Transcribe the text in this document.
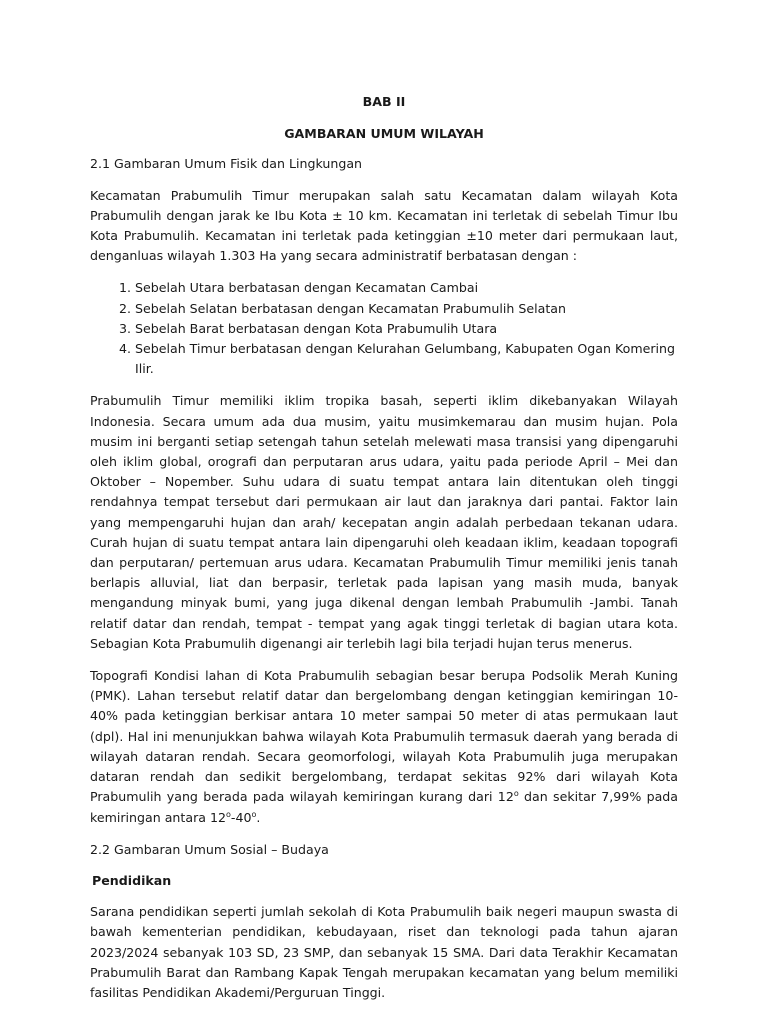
BAB II
GAMBARAN UMUM WILAYAH
2.1 Gambaran Umum Fisik dan Lingkungan

Kecamatan Prabumulih Timur merupakan salah satu Kecamatan dalam wilayah Kota Prabumulih dengan jarak ke Ibu Kota ± 10 km. Kecamatan ini terletak di sebelah Timur Ibu Kota Prabumulih. Kecamatan ini terletak pada ketinggian ±10 meter dari permukaan laut, denganluas wilayah 1.303 Ha yang secara administratif berbatasan dengan :

1. Sebelah Utara berbatasan dengan Kecamatan Cambai
2. Sebelah Selatan berbatasan dengan Kecamatan Prabumulih Selatan
3. Sebelah Barat berbatasan dengan Kota Prabumulih Utara
4. Sebelah Timur berbatasan dengan Kelurahan Gelumbang, Kabupaten Ogan Komering Ilir.

Prabumulih Timur memiliki iklim tropika basah, seperti iklim dikebanyakan Wilayah Indonesia. Secara umum ada dua musim, yaitu musimkemarau dan musim hujan. Pola musim ini berganti setiap setengah tahun setelah melewati masa transisi yang dipengaruhi oleh iklim global, orografi dan perputaran arus udara, yaitu pada periode April – Mei dan Oktober – Nopember. Suhu udara di suatu tempat antara lain ditentukan oleh tinggi rendahnya tempat tersebut dari permukaan air laut dan jaraknya dari pantai. Faktor lain yang mempengaruhi hujan dan arah/ kecepatan angin adalah perbedaan tekanan udara. Curah hujan di suatu tempat antara lain dipengaruhi oleh keadaan iklim, keadaan topografi dan perputaran/ pertemuan arus udara. Kecamatan Prabumulih Timur memiliki jenis tanah berlapis alluvial, liat dan berpasir, terletak pada lapisan yang masih muda, banyak mengandung minyak bumi, yang juga dikenal dengan lembah Prabumulih -Jambi. Tanah relatif datar dan rendah, tempat - tempat yang agak tinggi terletak di bagian utara kota. Sebagian Kota Prabumulih digenangi air terlebih lagi bila terjadi hujan terus menerus.

Topografi Kondisi lahan di Kota Prabumulih sebagian besar berupa Podsolik Merah Kuning (PMK). Lahan tersebut relatif datar dan bergelombang dengan ketinggian kemiringan 10-40% pada ketinggian berkisar antara 10 meter sampai 50 meter di atas permukaan laut (dpl). Hal ini menunjukkan bahwa wilayah Kota Prabumulih termasuk daerah yang berada di wilayah dataran rendah. Secara geomorfologi, wilayah Kota Prabumulih juga merupakan dataran rendah dan sedikit bergelombang, terdapat sekitas 92% dari wilayah Kota Prabumulih yang berada pada wilayah kemiringan kurang dari 12$^o$ dan sekitar 7,99% pada kemiringan antara 12$^o$-40$^o$.

2.2 Gambaran Umum Sosial – Budaya
Pendidikan

Sarana pendidikan seperti jumlah sekolah di Kota Prabumulih baik negeri maupun swasta di bawah kementerian pendidikan, kebudayaan, riset dan teknologi pada tahun ajaran 2023/2024 sebanyak 103 SD, 23 SMP, dan sebanyak 15 SMA. Dari data Terakhir Kecamatan Prabumulih Barat dan Rambang Kapak Tengah merupakan kecamatan yang belum memiliki fasilitas Pendidikan Akademi/Perguruan Tinggi.
